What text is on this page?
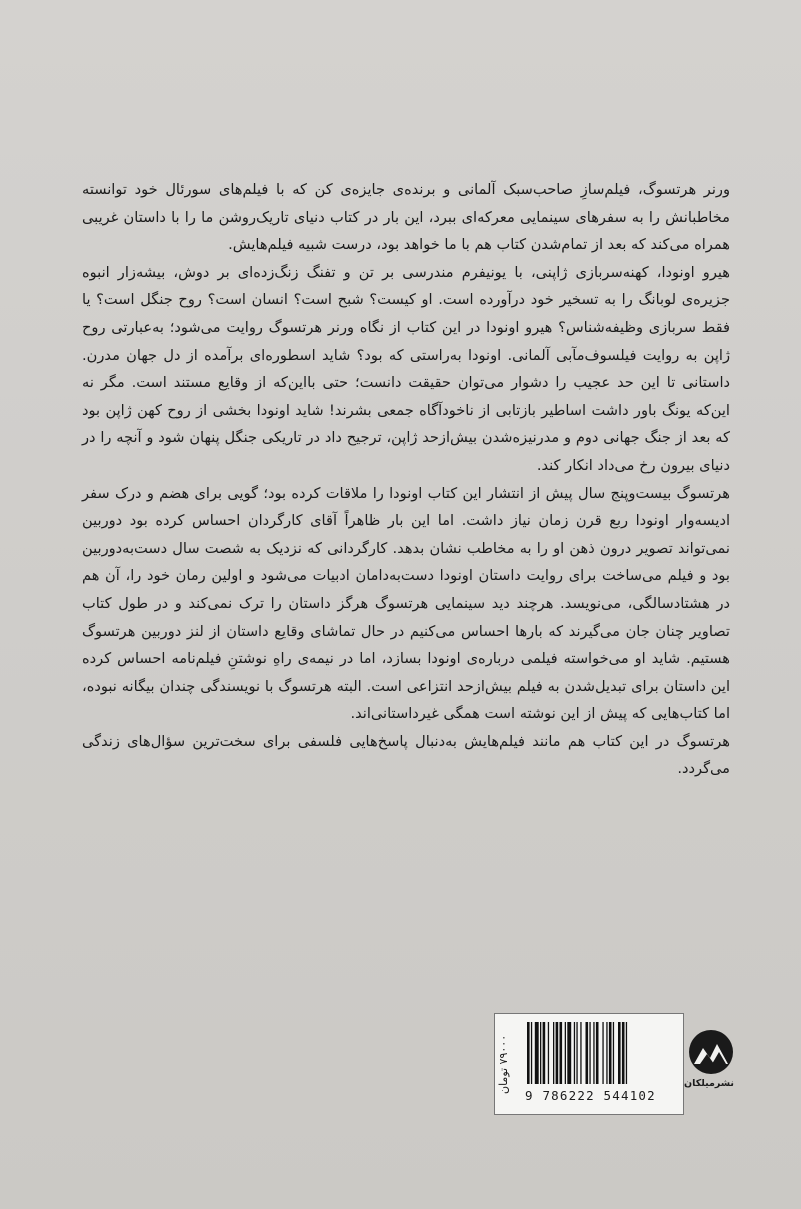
ورنر هرتسوگ، فیلم‌سازِ صاحب‌سبک آلمانی و برنده‌ی جایزه‌ی کن که با فیلم‌های سورئال خود توانسته مخاطبانش را به سفرهای سینمایی معرکه‌ای ببرد، این بار در کتاب دنیای تاریک‌روشن ما را با داستان غریبی همراه می‌کند که بعد از تمام‌شدن کتاب هم با ما خواهد بود، درست شبیه فیلم‌هایش.

هیرو اونودا، کهنه‌سربازی ژاپنی، با یونیفرم مندرسی بر تن و تفنگ زنگ‌زده‌ای بر دوش، بیشه‌زار انبوه جزیره‌ی لوبانگ را به تسخیر خود درآورده است. او کیست؟ شبح است؟ انسان است؟ روح جنگل است؟ یا فقط سربازی وظیفه‌شناس؟ هیرو اونودا در این کتاب از نگاه ورنر هرتسوگ روایت می‌شود؛ به‌عبارتی روح ژاپن به روایت فیلسوف‌مآبی آلمانی. اونودا به‌راستی که بود؟ شاید اسطوره‌ای برآمده از دل جهان مدرن. داستانی تا این حد عجیب را دشوار می‌توان حقیقت دانست؛ حتی بااین‌که از وقایع مستند است. مگر نه این‌که یونگ باور داشت اساطیر بازتابی از ناخودآگاه جمعی بشرند! شاید اونودا بخشی از روح کهن ژاپن بود که بعد از جنگ جهانی دوم و مدرنیزه‌شدن بیش‌ازحد ژاپن، ترجیح داد در تاریکی جنگل پنهان شود و آنچه را در دنیای بیرون رخ می‌داد انکار کند.

هرتسوگ بیست‌وپنج سال پیش از انتشار این کتاب اونودا را ملاقات کرده بود؛ گویی برای هضم و درک سفر ادیسه‌وار اونودا ربع قرن زمان نیاز داشت. اما این بار ظاهراً آقای کارگردان احساس کرده بود دوربین نمی‌تواند تصویر درون ذهن او را به مخاطب نشان بدهد. کارگردانی که نزدیک به شصت سال دست‌به‌دوربین بود و فیلم می‌ساخت برای روایت داستان اونودا دست‌به‌دامان ادبیات می‌شود و اولین رمان خود را، آن هم در هشتادسالگی، می‌نویسد. هرچند دید سینمایی هرتسوگ هرگز داستان را ترک نمی‌کند و در طول کتاب تصاویر چنان جان می‌گیرند که بارها احساس می‌کنیم در حال تماشای وقایع داستان از لنز دوربین هرتسوگ هستیم. شاید او می‌خواسته فیلمی درباره‌ی اونودا بسازد، اما در نیمه‌ی راهِ نوشتنِ فیلم‌نامه احساس کرده این داستان برای تبدیل‌شدن به فیلم بیش‌ازحد انتزاعی است. البته هرتسوگ با نویسندگی چندان بیگانه نبوده، اما کتاب‌هایی که پیش از این نوشته است همگی غیرداستانی‌اند.

هرتسوگ در این کتاب هم مانند فیلم‌هایش به‌دنبال پاسخ‌هایی فلسفی برای سخت‌ترین سؤال‌های زندگی می‌گردد.

۷۹۰۰۰ تومان
9 786222 544102
نشرمیلکان
